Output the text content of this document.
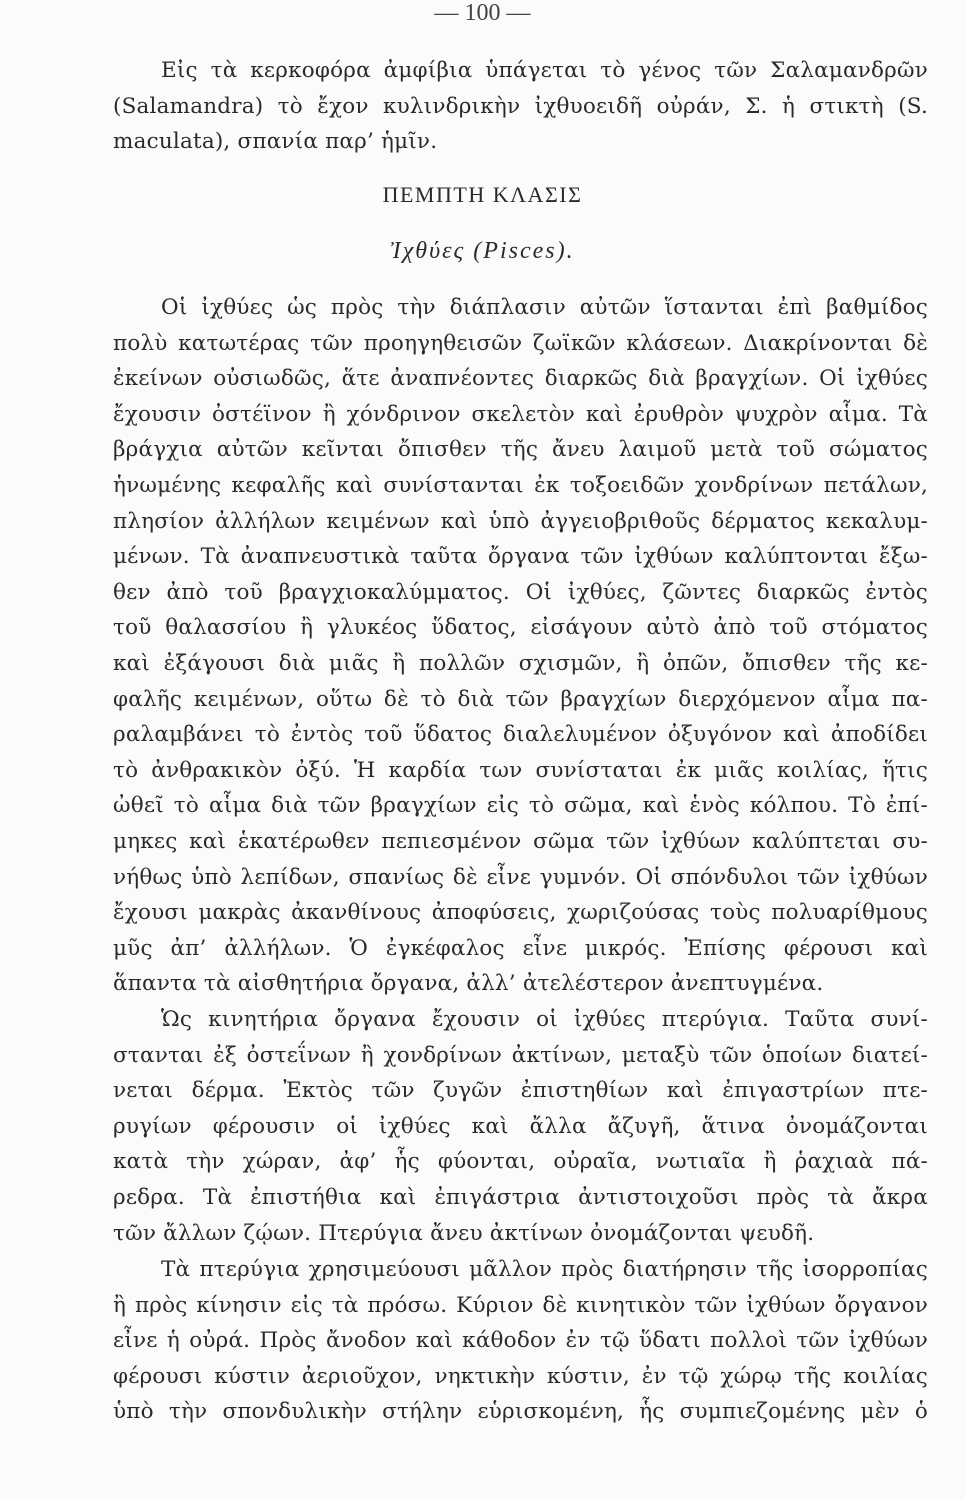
— 100 —
Εἰς τὰ κερκοφόρα ἀμφίβια ὑπάγεται τὸ γένος τῶν Σαλαμανδρῶν
(Salamandra) τὸ ἔχον κυλινδρικὴν ἰχθυοειδῆ οὐράν, Σ. ἡ στικτὴ (S.
maculata), σπανία παρ’ ἡμῖν.
ΠΕΜΠΤΗ ΚΛΑΣΙΣ
Ἰχθύες (Pisces).
Οἱ ἰχθύες ὡς πρὸς τὴν διάπλασιν αὐτῶν ἵστανται ἐπὶ βαθμίδος
πολὺ κατωτέρας τῶν προηγηθεισῶν ζωϊκῶν κλάσεων. Διακρίνονται δὲ
ἐκείνων οὐσιωδῶς, ἅτε ἀναπνέοντες διαρκῶς διὰ βραγχίων. Οἱ ἰχθύες
ἔχουσιν ὀστέϊνον ἢ χόνδρινον σκελετὸν καὶ ἐρυθρὸν ψυχρὸν αἷμα. Τὰ
βράγχια αὐτῶν κεῖνται ὄπισθεν τῆς ἄνευ λαιμοῦ μετὰ τοῦ σώματος
ἡνωμένης κεφαλῆς καὶ συνίστανται ἐκ τοξοειδῶν χονδρίνων πετάλων,
πλησίον ἀλλήλων κειμένων καὶ ὑπὸ ἀγγειοβριθοῦς δέρματος κεκαλυμ-
μένων. Τὰ ἀναπνευστικὰ ταῦτα ὄργανα τῶν ἰχθύων καλύπτονται ἔξω-
θεν ἀπὸ τοῦ βραγχιοκαλύμματος. Οἱ ἰχθύες, ζῶντες διαρκῶς ἐντὸς
τοῦ θαλασσίου ἢ γλυκέος ὕδατος, εἰσάγουν αὐτὸ ἀπὸ τοῦ στόματος
καὶ ἐξάγουσι διὰ μιᾶς ἢ πολλῶν σχισμῶν, ἢ ὀπῶν, ὄπισθεν τῆς κε-
φαλῆς κειμένων, οὕτω δὲ τὸ διὰ τῶν βραγχίων διερχόμενον αἷμα πα-
ραλαμβάνει τὸ ἐντὸς τοῦ ὕδατος διαλελυμένον ὀξυγόνον καὶ ἀποδίδει
τὸ ἀνθρακικὸν ὀξύ. Ἡ καρδία των συνίσταται ἐκ μιᾶς κοιλίας, ἥτις
ὠθεῖ τὸ αἷμα διὰ τῶν βραγχίων εἰς τὸ σῶμα, καὶ ἑνὸς κόλπου. Τὸ ἐπί-
μηκες καὶ ἑκατέρωθεν πεπιεσμένον σῶμα τῶν ἰχθύων καλύπτεται συ-
νήθως ὑπὸ λεπίδων, σπανίως δὲ εἶνε γυμνόν. Οἱ σπόνδυλοι τῶν ἰχθύων
ἔχουσι μακρὰς ἀκανθίνους ἀποφύσεις, χωριζούσας τοὺς πολυαρίθμους
μῦς ἀπ’ ἀλλήλων. Ὁ ἐγκέφαλος εἶνε μικρός. Ἐπίσης φέρουσι καὶ
ἅπαντα τὰ αἰσθητήρια ὄργανα, ἀλλ’ ἀτελέστερον ἀνεπτυγμένα.
Ὡς κινητήρια ὄργανα ἔχουσιν οἱ ἰχθύες πτερύγια. Ταῦτα συνί-
στανται ἐξ ὀστεΐνων ἢ χονδρίνων ἀκτίνων, μεταξὺ τῶν ὁποίων διατεί-
νεται δέρμα. Ἐκτὸς τῶν ζυγῶν ἐπιστηθίων καὶ ἐπιγαστρίων πτε-
ρυγίων φέρουσιν οἱ ἰχθύες καὶ ἄλλα ἄζυγῆ, ἅτινα ὀνομάζονται
κατὰ τὴν χώραν, ἀφ’ ἧς φύονται, οὐραῖα, νωτιαῖα ἢ ῥαχιαὰ πά-
ρεδρα. Τὰ ἐπιστήθια καὶ ἐπιγάστρια ἀντιστοιχοῦσι πρὸς τὰ ἄκρα
τῶν ἄλλων ζῴων. Πτερύγια ἄνευ ἀκτίνων ὀνομάζονται ψευδῆ.
Τὰ πτερύγια χρησιμεύουσι μᾶλλον πρὸς διατήρησιν τῆς ἰσορροπίας
ἢ πρὸς κίνησιν εἰς τὰ πρόσω. Κύριον δὲ κινητικὸν τῶν ἰχθύων ὄργανον
εἶνε ἡ οὐρά. Πρὸς ἄνοδον καὶ κάθοδον ἐν τῷ ὕδατι πολλοὶ τῶν ἰχθύων
φέρουσι κύστιν ἀεριοῦχον, νηκτικὴν κύστιν, ἐν τῷ χώρῳ τῆς κοιλίας
ὑπὸ τὴν σπονδυλικὴν στήλην εὑρισκομένη, ἧς συμπιεζομένης μὲν ὁ
